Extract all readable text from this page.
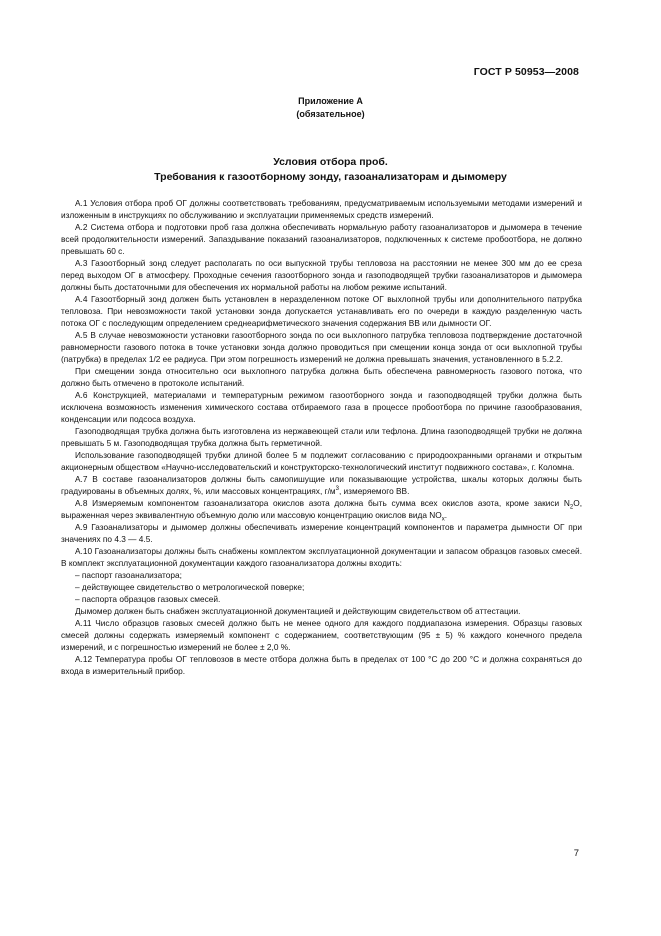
ГОСТ Р 50953—2008
Приложение А
(обязательное)
Условия отбора проб.
Требования к газоотборному зонду, газоанализаторам и дымомеру

А.1 Условия отбора проб ОГ должны соответствовать требованиям, предусматриваемым используемыми методами измерений и изложенным в инструкциях по обслуживанию и эксплуатации применяемых средств измерений.

А.2 Система отбора и подготовки проб газа должна обеспечивать нормальную работу газоанализаторов и дымомера в течение всей продолжительности измерений. Запаздывание показаний газоанализаторов, подключенных к системе пробоотбора, не должно превышать 60 с.

А.3 Газоотборный зонд следует располагать по оси выпускной трубы тепловоза на расстоянии не менее 300 мм до ее среза перед выходом ОГ в атмосферу. Проходные сечения газоотборного зонда и газоподводящей трубки газоанализаторов и дымомера должны быть достаточными для обеспечения их нормальной работы на любом режиме испытаний.

А.4 Газоотборный зонд должен быть установлен в неразделенном потоке ОГ выхлопной трубы или дополнительного патрубка тепловоза. При невозможности такой установки зонда допускается устанавливать его по очереди в каждую разделенную часть потока ОГ с последующим определением среднеарифметического значения содержания ВВ или дымности ОГ.

А.5 В случае невозможности установки газоотборного зонда по оси выхлопного патрубка тепловоза подтверждение достаточной равномерности газового потока в точке установки зонда должно проводиться при смещении конца зонда от оси выхлопной трубы (патрубка) в пределах 1/2 ее радиуса. При этом погрешность измерений не должна превышать значения, установленного в 5.2.2.

При смещении зонда относительно оси выхлопного патрубка должна быть обеспечена равномерность газового потока, что должно быть отмечено в протоколе испытаний.

А.6 Конструкцией, материалами и температурным режимом газоотборного зонда и газоподводящей трубки должна быть исключена возможность изменения химического состава отбираемого газа в процессе пробоотбора по причине газообразования, конденсации или подсоса воздуха.

Газоподводящая трубка должна быть изготовлена из нержавеющей стали или тефлона. Длина газоподводящей трубки не должна превышать 5 м. Газоподводящая трубка должна быть герметичной.

Использование газоподводящей трубки длиной более 5 м подлежит согласованию с природоохранными органами и открытым акционерным обществом «Научно-исследовательский и конструкторско-технологический институт подвижного состава», г. Коломна.

А.7 В составе газоанализаторов должны быть самопишущие или показывающие устройства, шкалы которых должны быть градуированы в объемных долях, %, или массовых концентрациях, $г/м^3$, измеряемого ВВ.

А.8 Измеряемым компонентом газоанализатора окислов азота должна быть сумма всех окислов азота, кроме закиси $N_2O$, выраженная через эквивалентную объемную долю или массовую концентрацию окислов вида $NO_x$.

А.9 Газоанализаторы и дымомер должны обеспечивать измерение концентраций компонентов и параметра дымности ОГ при значениях по 4.3 — 4.5.

А.10 Газоанализаторы должны быть снабжены комплектом эксплуатационной документации и запасом образцов газовых смесей. В комплект эксплуатационной документации каждого газоанализатора должны входить:

– паспорт газоанализатора;

– действующее свидетельство о метрологической поверке;

– паспорта образцов газовых смесей.

Дымомер должен быть снабжен эксплуатационной документацией и действующим свидетельством об аттестации.

А.11 Число образцов газовых смесей должно быть не менее одного для каждого поддиапазона измерения. Образцы газовых смесей должны содержать измеряемый компонент с содержанием, соответствующим (95 ± 5) % каждого конечного предела измерений, и с погрешностью измерений не более ± 2,0 %.

А.12 Температура пробы ОГ тепловозов в месте отбора должна быть в пределах от 100 °С до 200 °С и должна сохраняться до входа в измерительный прибор.

7
